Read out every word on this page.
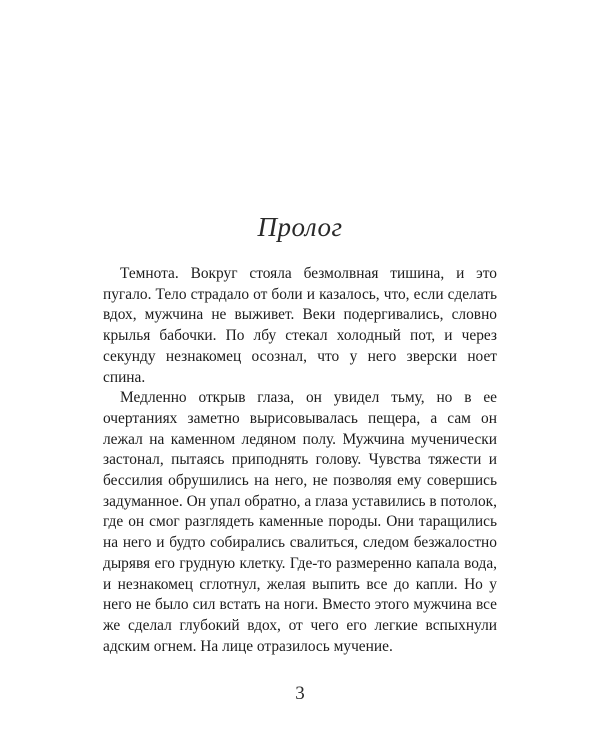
Пролог

Темнота. Вокруг стояла безмолвная тишина, и это пугало. Тело страдало от боли и казалось, что, если сделать вдох, мужчина не выживет. Веки подергивались, словно крылья бабочки. По лбу стекал холодный пот, и через секунду незнакомец осознал, что у него зверски ноет спина.

Медленно открыв глаза, он увидел тьму, но в ее очертаниях заметно вырисовывалась пещера, а сам он лежал на каменном ледяном полу. Мужчина мученически застонал, пытаясь приподнять голову. Чувства тяжести и бессилия обрушились на него, не позволяя ему совершись задуманное. Он упал обратно, а глаза уставились в потолок, где он смог разглядеть каменные породы. Они таращились на него и будто собирались свалиться, следом безжалостно дырявя его грудную клетку. Где-то размеренно капала вода, и незнакомец сглотнул, желая выпить все до капли. Но у него не было сил встать на ноги. Вместо этого мужчина все же сделал глубокий вдох, от чего его легкие вспыхнули адским огнем. На лице отразилось мучение.

3
